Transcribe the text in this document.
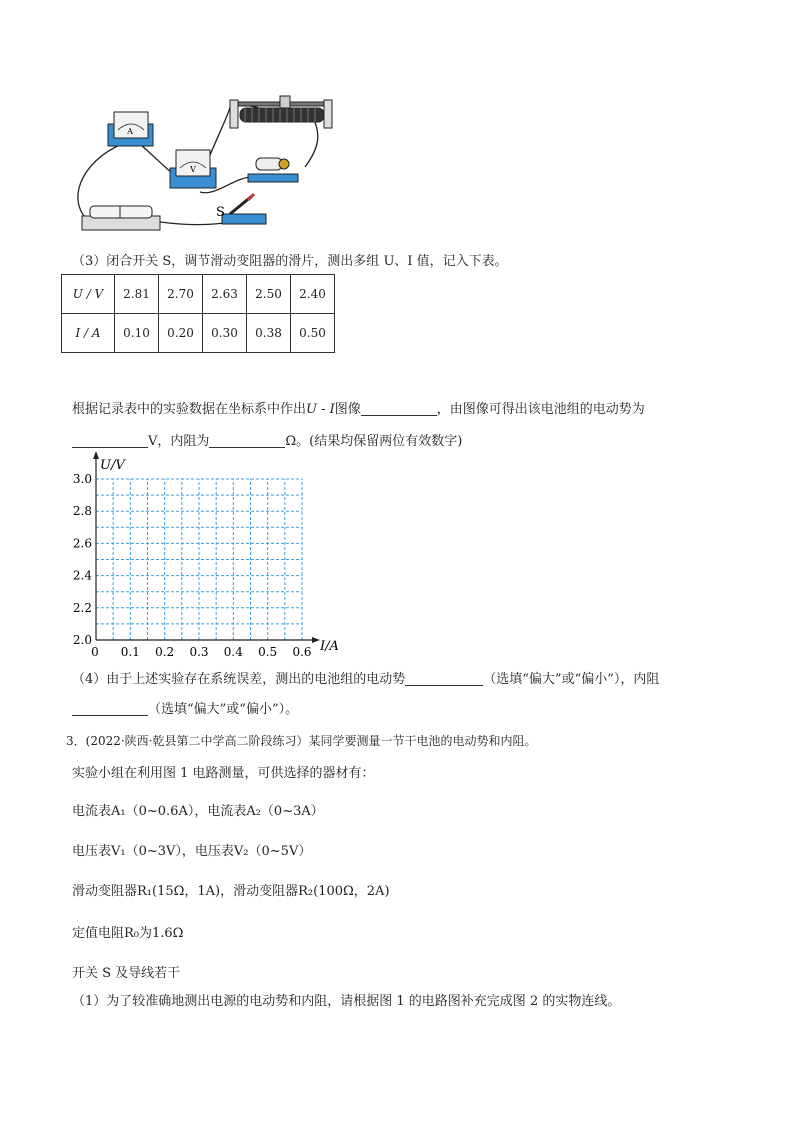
A
V
S
（3）闭合开关 S，调节滑动变阻器的滑片，测出多组 U、I 值，记入下表。
U / V	2.81	2.70	2.63	2.50	2.40
I / A	0.10	0.20	0.30	0.38	0.50
根据记录表中的实验数据在坐标系中作出U - I图像	，由图像可得出该电池组的电动势为
V，内阻为	Ω。(结果均保留两位有效数字)
3.0
2.8
2.6
2.4
2.2
2.0
0 0.1 0.2 0.3 0.4 0.5 0.6
U/V
I/A
（4）由于上述实验存在系统误差，测出的电池组的电动势	（选填“偏大”或“偏小”），内阻
（选填“偏大”或“偏小”）。
3．(2022·陕西·乾县第二中学高二阶段练习）某同学要测量一节干电池的电动势和内阻。
实验小组在利用图 1 电路测量，可供选择的器材有：
电流表A₁（0~0.6A），电流表A₂（0~3A）
电压表V₁（0~3V），电压表V₂（0~5V）
滑动变阻器R₁(15Ω，1A)，滑动变阻器R₂(100Ω，2A)
定值电阻R₀为1.6Ω
开关 S 及导线若干
（1）为了较准确地测出电源的电动势和内阻，请根据图 1 的电路图补充完成图 2 的实物连线。
